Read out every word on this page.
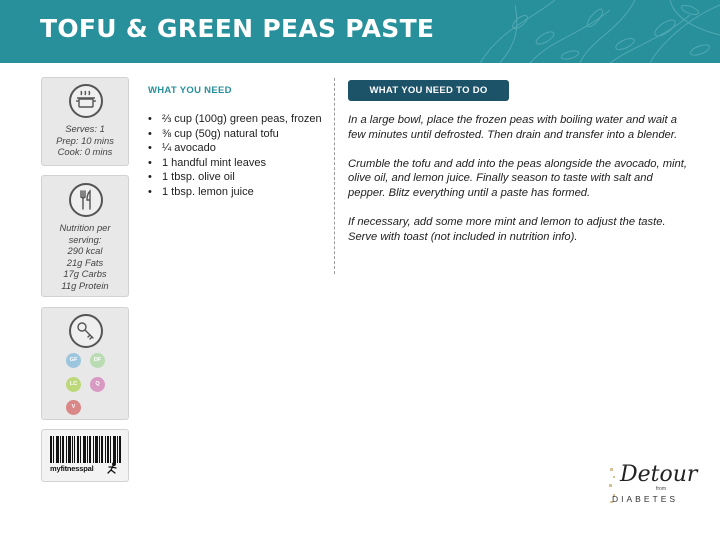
TOFU & GREEN PEAS PASTE
Serves: 1
Prep: 10 mins
Cook: 0 mins
Nutrition per
serving:
290 kcal
21g Fats
17g Carbs
11g Protein
GF	DF
LC	Q
V
myfitnesspal
WHAT YOU NEED
• ⅔ cup (100g) green peas, frozen
• ⅜ cup (50g) natural tofu
• ¼ avocado
• 1 handful mint leaves
• 1 tbsp. olive oil
• 1 tbsp. lemon juice
WHAT YOU NEED TO DO

In a large bowl, place the frozen peas with boiling water and wait a few minutes until defrosted. Then drain and transfer into a blender.

Crumble the tofu and add into the peas alongside the avocado, mint, olive oil, and lemon juice. Finally season to taste with salt and pepper. Blitz everything until a paste has formed.

If necessary, add some more mint and lemon to adjust the taste. Serve with toast (not included in nutrition info).

Detour
from
DIABETES
